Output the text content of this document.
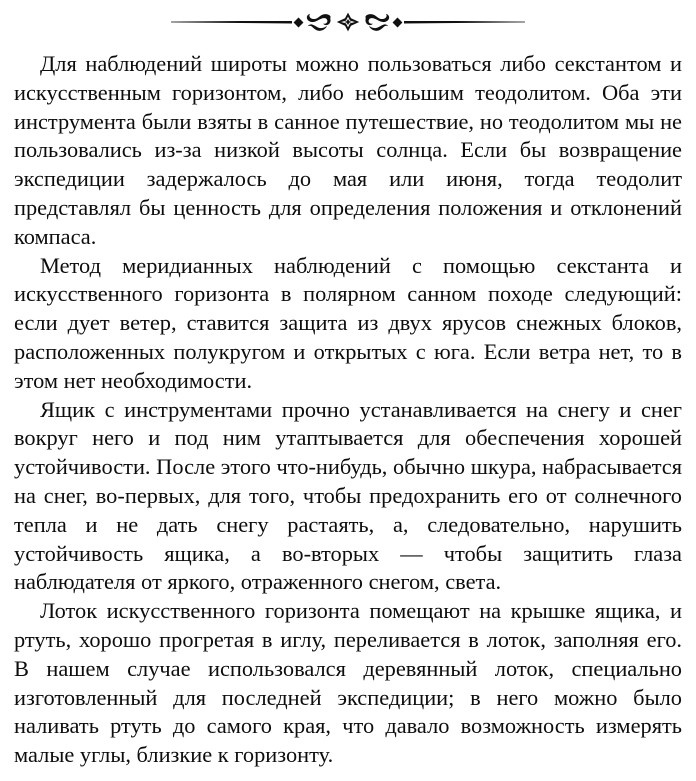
Для наблюдений широты можно пользоваться либо секстантом и искусственным горизонтом, либо небольшим теодолитом. Оба эти инструмента были взяты в санное путешествие, но теодолитом мы не пользовались из-за низкой высоты солнца. Если бы возвращение экспедиции задержалось до мая или июня, тогда теодолит представлял бы ценность для определения положения и отклонений компаса.

Метод меридианных наблюдений с помощью секстанта и искусственного горизонта в полярном санном походе следующий: если дует ветер, ставится защита из двух ярусов снежных блоков, расположенных полукругом и открытых с юга. Если ветра нет, то в этом нет необходимости.

Ящик с инструментами прочно устанавливается на снегу и снег вокруг него и под ним утаптывается для обеспечения хорошей устойчивости. После этого что-нибудь, обычно шкура, набрасывается на снег, во-первых, для того, чтобы предохранить его от солнечного тепла и не дать снегу растаять, а, следовательно, нарушить устойчивость ящика, а во-вторых — чтобы защитить глаза наблюдателя от яркого, отраженного снегом, света.

Лоток искусственного горизонта помещают на крышке ящика, и ртуть, хорошо прогретая в иглу, переливается в лоток, заполняя его. В нашем случае использовался деревянный лоток, специально изготовленный для последней экспедиции; в него можно было наливать ртуть до самого края, что давало возможность измерять малые углы, близкие к горизонту.
